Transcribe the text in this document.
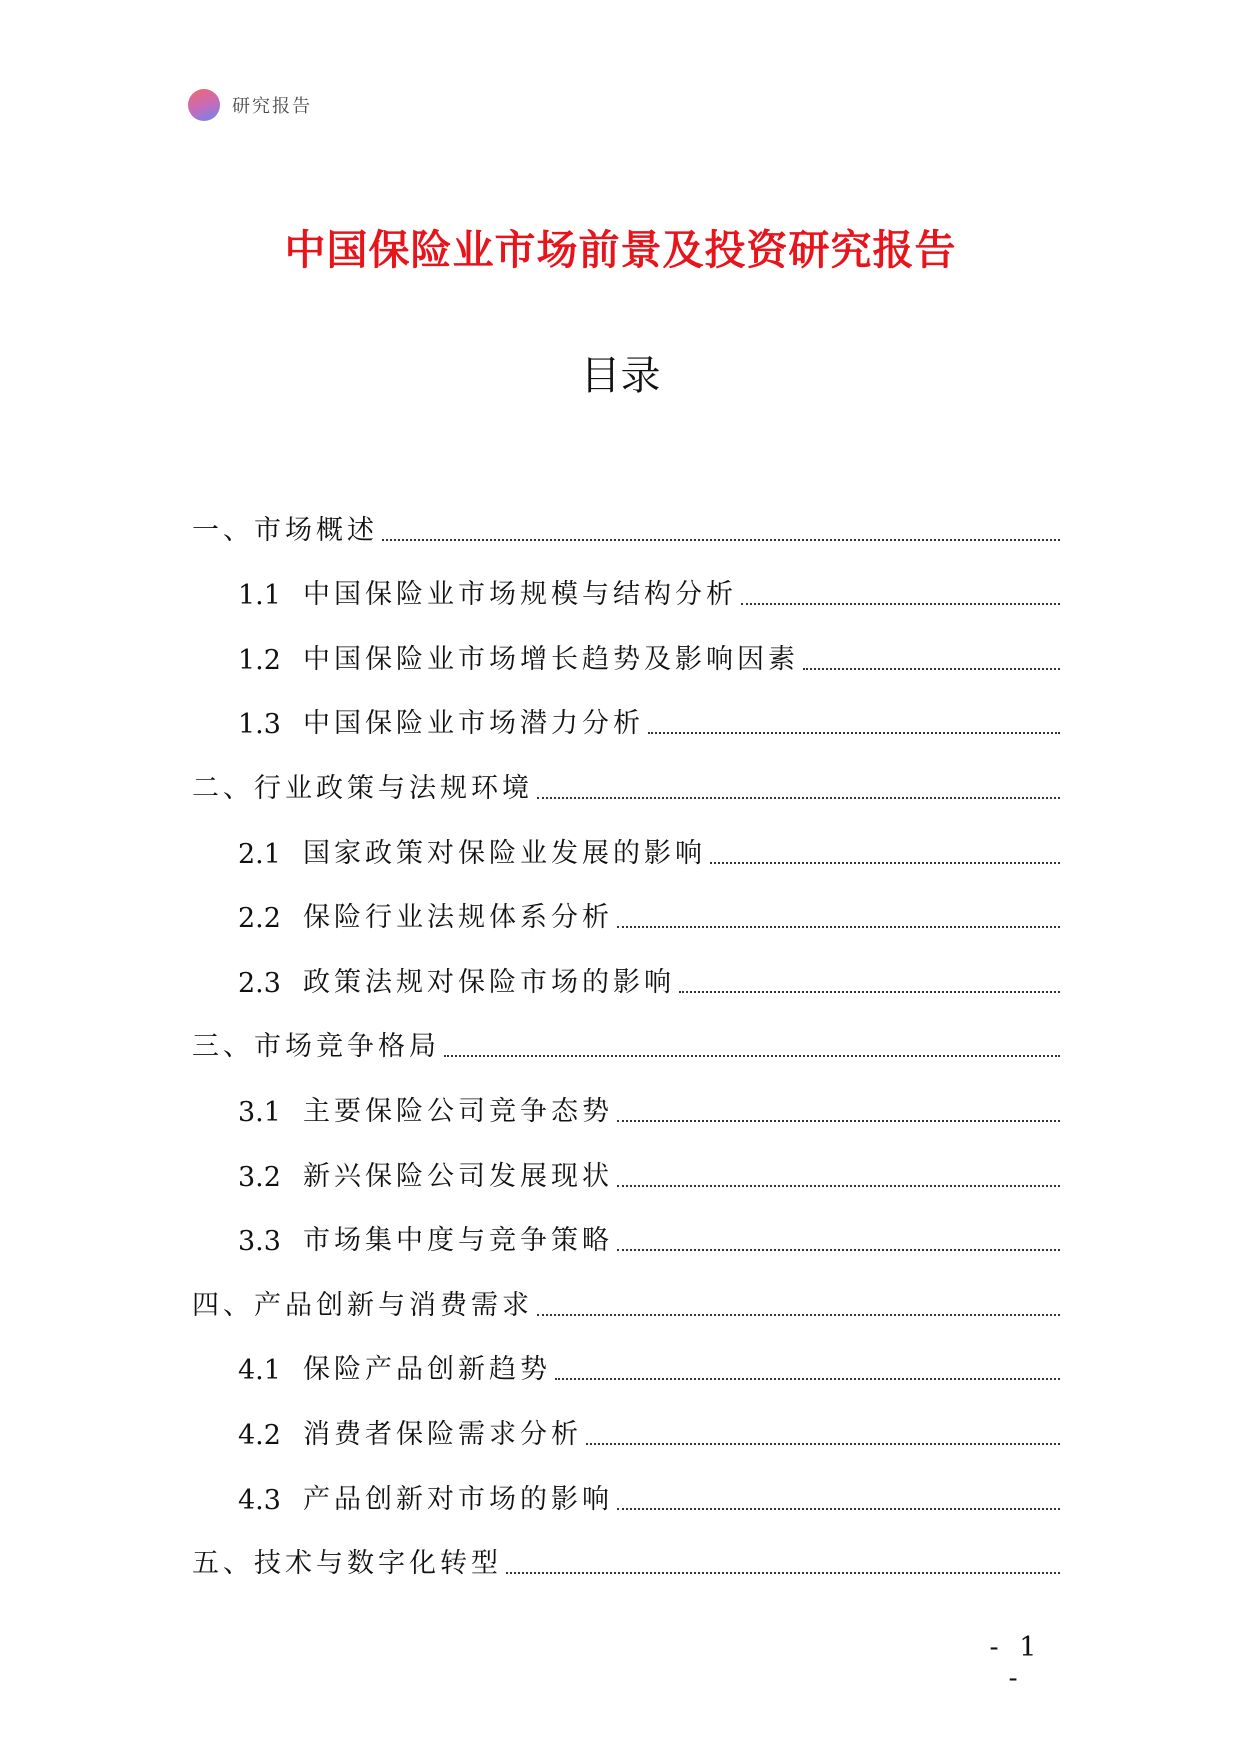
研究报告
中国保险业市场前景及投资研究报告
目录
一、市场概述
1.1 中国保险业市场规模与结构分析
1.2 中国保险业市场增长趋势及影响因素
1.3 中国保险业市场潜力分析
二、行业政策与法规环境
2.1 国家政策对保险业发展的影响
2.2 保险行业法规体系分析
2.3 政策法规对保险市场的影响
三、市场竞争格局
3.1 主要保险公司竞争态势
3.2 新兴保险公司发展现状
3.3 市场集中度与竞争策略
四、产品创新与消费需求
4.1 保险产品创新趋势
4.2 消费者保险需求分析
4.3 产品创新对市场的影响
五、技术与数字化转型
- 1 -
